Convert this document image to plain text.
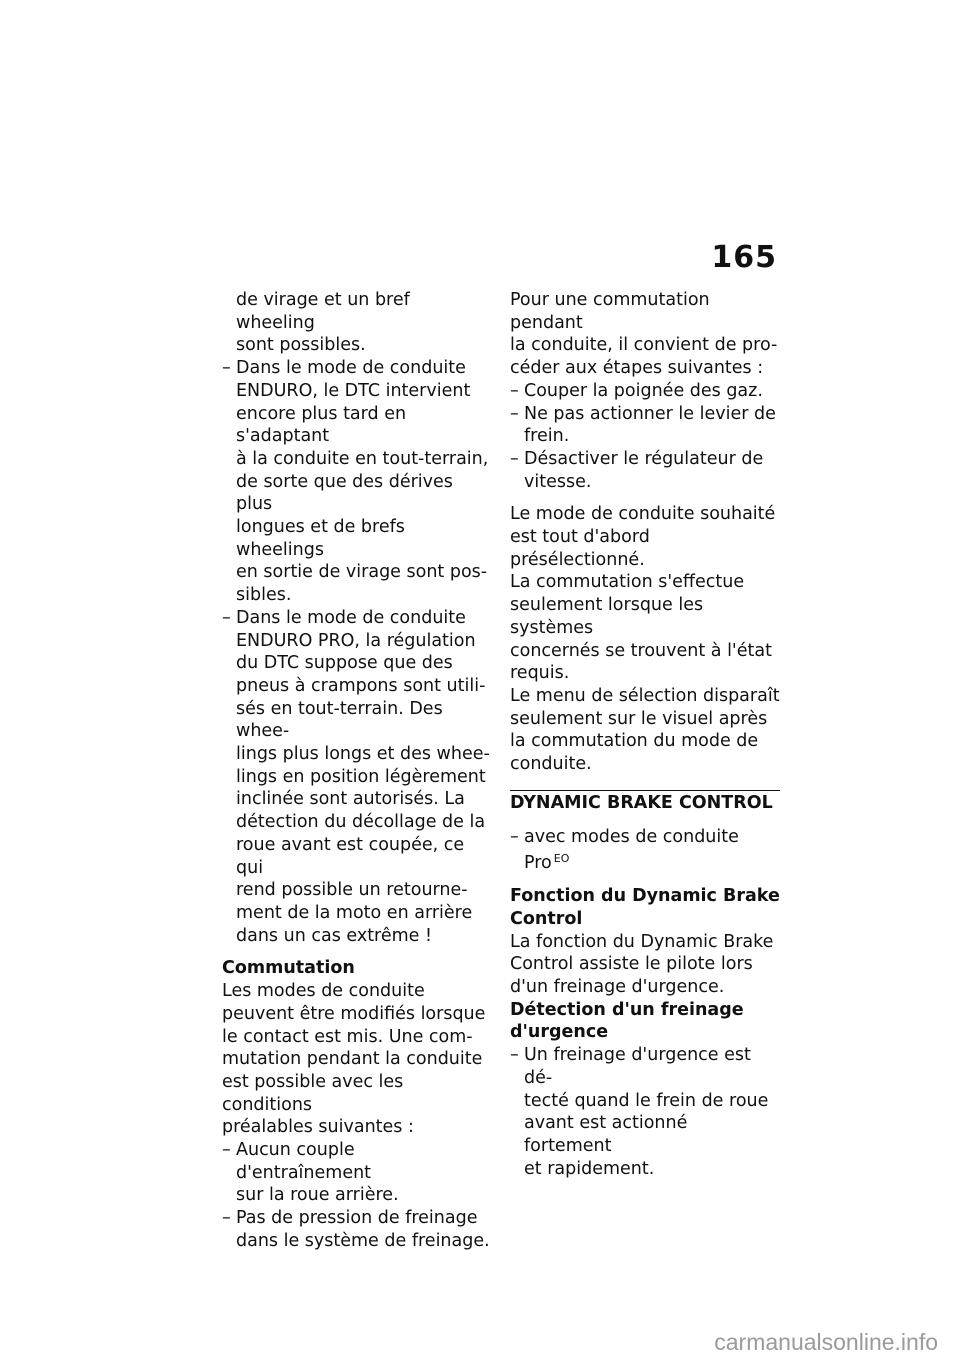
165

de virage et un bref wheeling
sont possibles.

– Dans le mode de conduite
ENDURO, le DTC intervient
encore plus tard en s'adaptant
à la conduite en tout-terrain,
de sorte que des dérives plus
longues et de brefs wheelings
en sortie de virage sont pos-
sibles.
– Dans le mode de conduite
ENDURO PRO, la régulation
du DTC suppose que des
pneus à crampons sont utili-
sés en tout-terrain. Des whee-
lings plus longs et des whee-
lings en position légèrement
inclinée sont autorisés. La
détection du décollage de la
roue avant est coupée, ce qui
rend possible un retourne-
ment de la moto en arrière
dans un cas extrême !

Commutation

Les modes de conduite
peuvent être modifiés lorsque
le contact est mis. Une com-
mutation pendant la conduite
est possible avec les conditions
préalables suivantes :

– Aucun couple d'entraînement
sur la roue arrière.
– Pas de pression de freinage
dans le système de freinage.

Pour une commutation pendant
la conduite, il convient de pro-
céder aux étapes suivantes :

– Couper la poignée des gaz.
– Ne pas actionner le levier de
frein.
– Désactiver le régulateur de
vitesse.

Le mode de conduite souhaité
est tout d'abord présélectionné.
La commutation s'effectue
seulement lorsque les systèmes
concernés se trouvent à l'état
requis.

Le menu de sélection disparaît
seulement sur le visuel après
la commutation du mode de
conduite.

DYNAMIC BRAKE CONTROL
– avec modes de conduite
Pro $^{EO}$

Fonction du Dynamic Brake
Control

La fonction du Dynamic Brake
Control assiste le pilote lors
d'un freinage d'urgence.

Détection d'un freinage
d'urgence

– Un freinage d'urgence est dé-
tecté quand le frein de roue
avant est actionné fortement
et rapidement.
carmanualsonline.info
